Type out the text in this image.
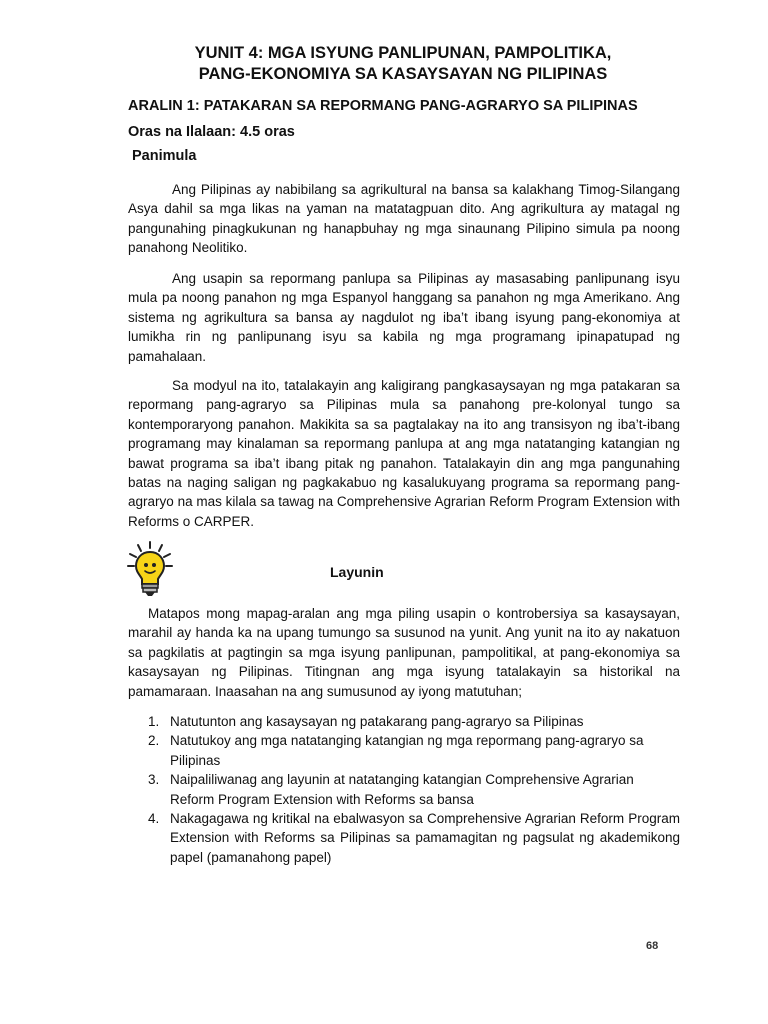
YUNIT 4: MGA ISYUNG PANLIPUNAN, PAMPOLITIKA,
PANG-EKONOMIYA SA KASAYSAYAN NG PILIPINAS
ARALIN 1: PATAKARAN SA REPORMANG PANG-AGRARYO SA PILIPINAS

Oras na Ilalaan: 4.5 oras

Panimula

Ang Pilipinas ay nabibilang sa agrikultural na bansa sa kalakhang Timog-Silangang Asya dahil sa mga likas na yaman na matatagpuan dito. Ang agrikultura ay matagal ng pangunahing pinagkukunan ng hanapbuhay ng mga sinaunang Pilipino simula pa noong panahong Neolitiko.

Ang usapin sa repormang panlupa sa Pilipinas ay masasabing panlipunang isyu mula pa noong panahon ng mga Espanyol hanggang sa panahon ng mga Amerikano. Ang sistema ng agrikultura sa bansa ay nagdulot ng iba’t ibang isyung pang-ekonomiya at lumikha rin ng panlipunang isyu sa kabila ng mga programang ipinapatupad ng pamahalaan.

Sa modyul na ito, tatalakayin ang kaligirang pangkasaysayan ng mga patakaran sa repormang pang-agraryo sa Pilipinas mula sa panahong pre-kolonyal tungo sa kontemporaryong panahon. Makikita sa sa pagtalakay na ito ang transisyon ng iba’t-ibang programang may kinalaman sa repormang panlupa at ang mga natatanging katangian ng bawat programa sa iba’t ibang pitak ng panahon. Tatalakayin din ang mga pangunahing batas na naging saligan ng pagkakabuo ng kasalukuyang programa sa repormang pang-agraryo na mas kilala sa tawag na Comprehensive Agrarian Reform Program Extension with Reforms o CARPER.

Layunin

Matapos mong mapag-aralan ang mga piling usapin o kontrobersiya sa kasaysayan, marahil ay handa ka na upang tumungo sa susunod na yunit. Ang yunit na ito ay nakatuon sa pagkilatis at pagtingin sa mga isyung panlipunan, pampolitikal, at pang-ekonomiya sa kasaysayan ng Pilipinas. Titingnan ang mga isyung tatalakayin sa historikal na pamamaraan. Inaasahan na ang sumusunod ay iyong matutuhan;

1. Natutunton ang kasaysayan ng patakarang pang-agraryo sa Pilipinas
2. Natutukoy ang mga natatanging katangian ng mga repormang pang-agraryo sa Pilipinas
3. Naipaliliwanag ang layunin at natatanging katangian Comprehensive Agrarian Reform Program Extension with Reforms sa bansa
4. Nakagagawa ng kritikal na ebalwasyon sa Comprehensive Agrarian Reform Program Extension with Reforms sa Pilipinas sa pamamagitan ng pagsulat ng akademikong papel (pamanahong papel)

68
